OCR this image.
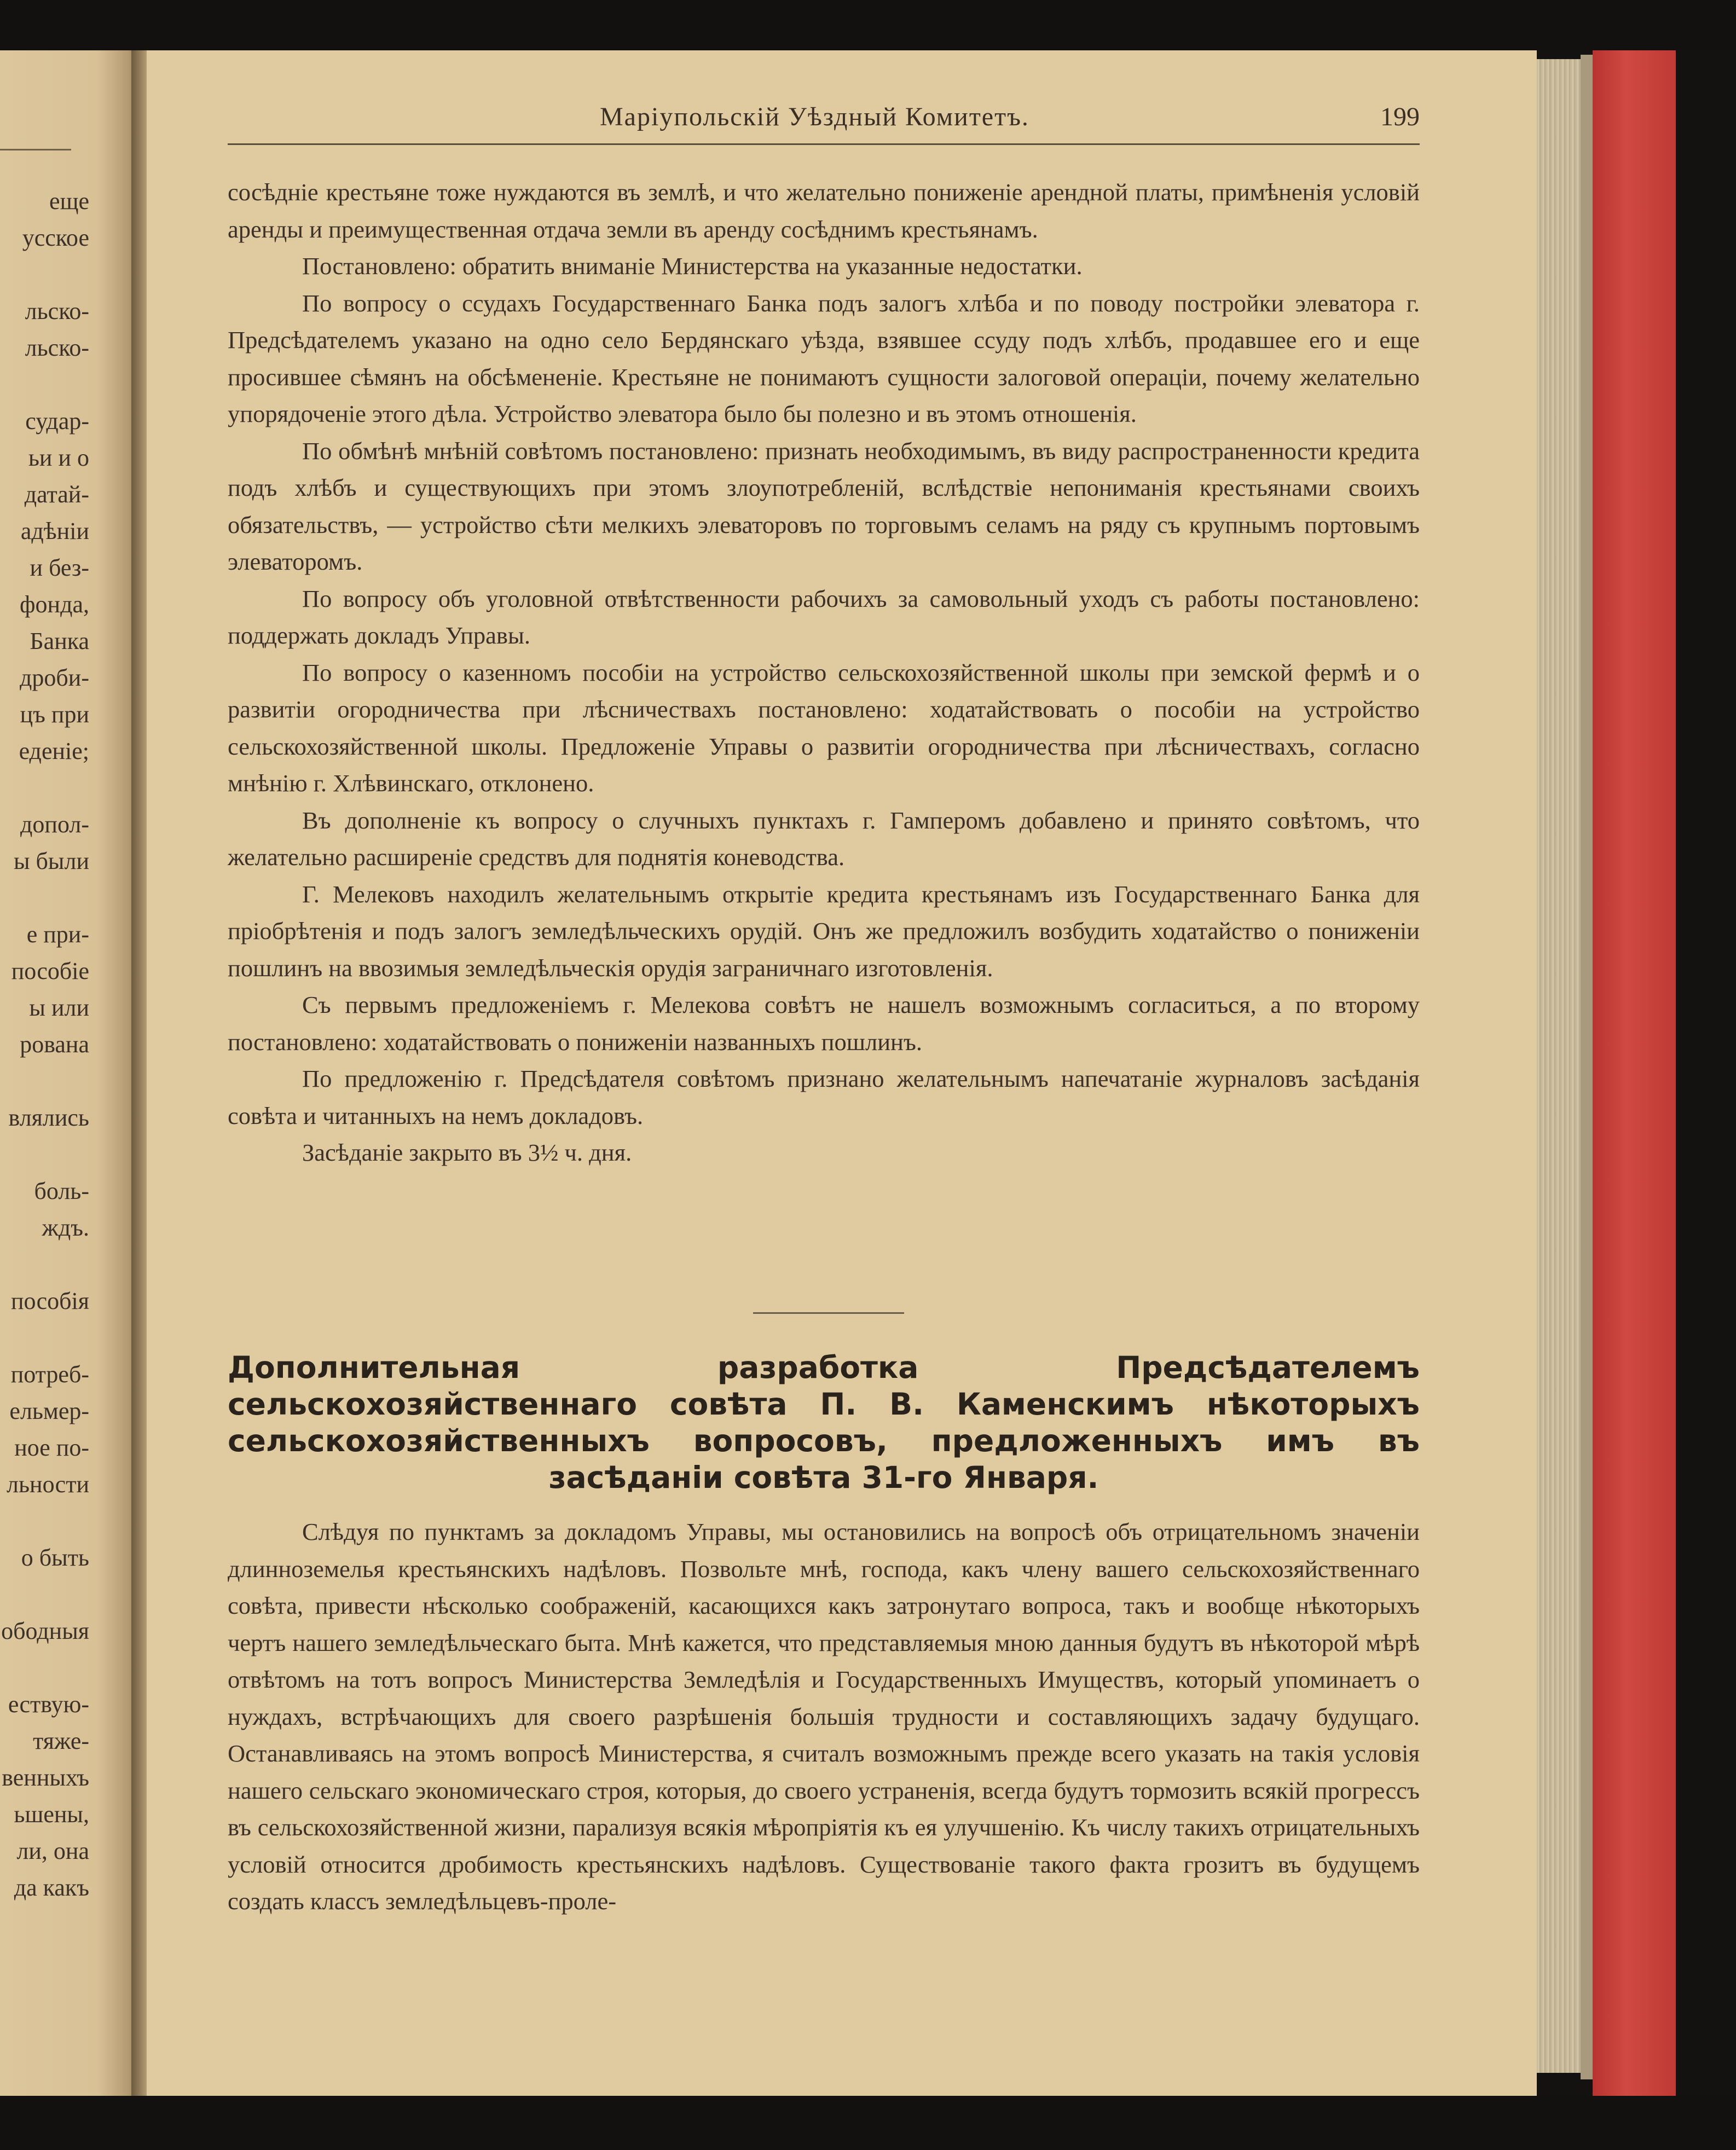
еще
усское
льско-
льско-
судар-
ьи и о
датай-
адѣніи
и без-
фонда,
Банка
дроби-
цъ при
еденіе;
допол-
ы были
е при-
пособіе
ы или
рована
влялись
боль-
ждъ.
пособія
потреб-
ельмер-
ное по-
льности
о быть
ободныя
ествую-
тяже-
венныхъ
ьшены,
ли, она
да какъ
Маріупольскій Уѣздный Комитетъ.	199

сосѣдніе крестьяне тоже нуждаются въ землѣ, и что желательно пониженіе арендной платы, примѣненія условій аренды и преимущественная отдача земли въ аренду сосѣднимъ крестьянамъ.

Постановлено: обратить вниманіе Министерства на указанные недостатки.

По вопросу о ссудахъ Государственнаго Банка подъ залогъ хлѣба и по поводу постройки элеватора г. Предсѣдателемъ указано на одно село Бердянскаго уѣзда, взявшее ссуду подъ хлѣбъ, продавшее его и еще просившее сѣмянъ на обсѣмененіе. Крестьяне не понимаютъ сущности залоговой операціи, почему желательно упорядоченіе этого дѣла. Устройство элеватора было бы полезно и въ этомъ отношенія.

По обмѣнѣ мнѣній совѣтомъ постановлено: признать необходимымъ, въ виду распространенности кредита подъ хлѣбъ и существующихъ при этомъ злоупотребленій, вслѣдствіе непониманія крестьянами своихъ обязательствъ, — устройство сѣти мелкихъ элеваторовъ по торговымъ селамъ на ряду съ крупнымъ портовымъ элеваторомъ.

По вопросу объ уголовной отвѣтственности рабочихъ за самовольный уходъ съ работы постановлено: поддержать докладъ Управы.

По вопросу о казенномъ пособіи на устройство сельскохозяйственной школы при земской фермѣ и о развитіи огородничества при лѣсничествахъ постановлено: ходатайствовать о пособіи на устройство сельскохозяйственной школы. Предложеніе Управы о развитіи огородничества при лѣсничествахъ, согласно мнѣнію г. Хлѣвинскаго, отклонено.

Въ дополненіе къ вопросу о случныхъ пунктахъ г. Гамперомъ добавлено и принято совѣтомъ, что желательно расширеніе средствъ для поднятія коневодства.

Г. Мелековъ находилъ желательнымъ открытіе кредита крестьянамъ изъ Государственнаго Банка для пріобрѣтенія и подъ залогъ земледѣльческихъ орудій. Онъ же предложилъ возбудить ходатайство о пониженіи пошлинъ на ввозимыя земледѣльческія орудія заграничнаго изготовленія.

Съ первымъ предложеніемъ г. Мелекова совѣтъ не нашелъ возможнымъ согласиться, а по второму постановлено: ходатайствовать о пониженіи названныхъ пошлинъ.

По предложенію г. Предсѣдателя совѣтомъ признано желательнымъ напечатаніе журналовъ засѣданія совѣта и читанныхъ на немъ докладовъ.

Засѣданіе закрыто въ 3½ ч. дня.

Дополнительная разработка Предсѣдателемъ сельскохозяйственнаго совѣта П. В. Каменскимъ нѣкоторыхъ сельскохозяйственныхъ вопросовъ, предложенныхъ имъ въ засѣданіи совѣта 31-го Января.

Слѣдуя по пунктамъ за докладомъ Управы, мы остановились на вопросѣ объ отрицательномъ значеніи длинноземелья крестьянскихъ надѣловъ. Позвольте мнѣ, господа, какъ члену вашего сельскохозяйственнаго совѣта, привести нѣсколько соображеній, касающихся какъ затронутаго вопроса, такъ и вообще нѣкоторыхъ чертъ нашего земледѣльческаго быта. Мнѣ кажется, что представляемыя мною данныя будутъ въ нѣкоторой мѣрѣ отвѣтомъ на тотъ вопросъ Министерства Земледѣлія и Государственныхъ Имуществъ, который упоминаетъ о нуждахъ, встрѣчающихъ для своего разрѣшенія большія трудности и составляющихъ задачу будущаго. Останавливаясь на этомъ вопросѣ Министерства, я считалъ возможнымъ прежде всего указать на такія условія нашего сельскаго экономическаго строя, которыя, до своего устраненія, всегда будутъ тормозить всякій прогрессъ въ сельскохозяйственной жизни, парализуя всякія мѣропріятія къ ея улучшенію. Къ числу такихъ отрицательныхъ условій относится дробимость крестьянскихъ надѣловъ. Существованіе такого факта грозитъ въ будущемъ создать классъ земледѣльцевъ-проле-
